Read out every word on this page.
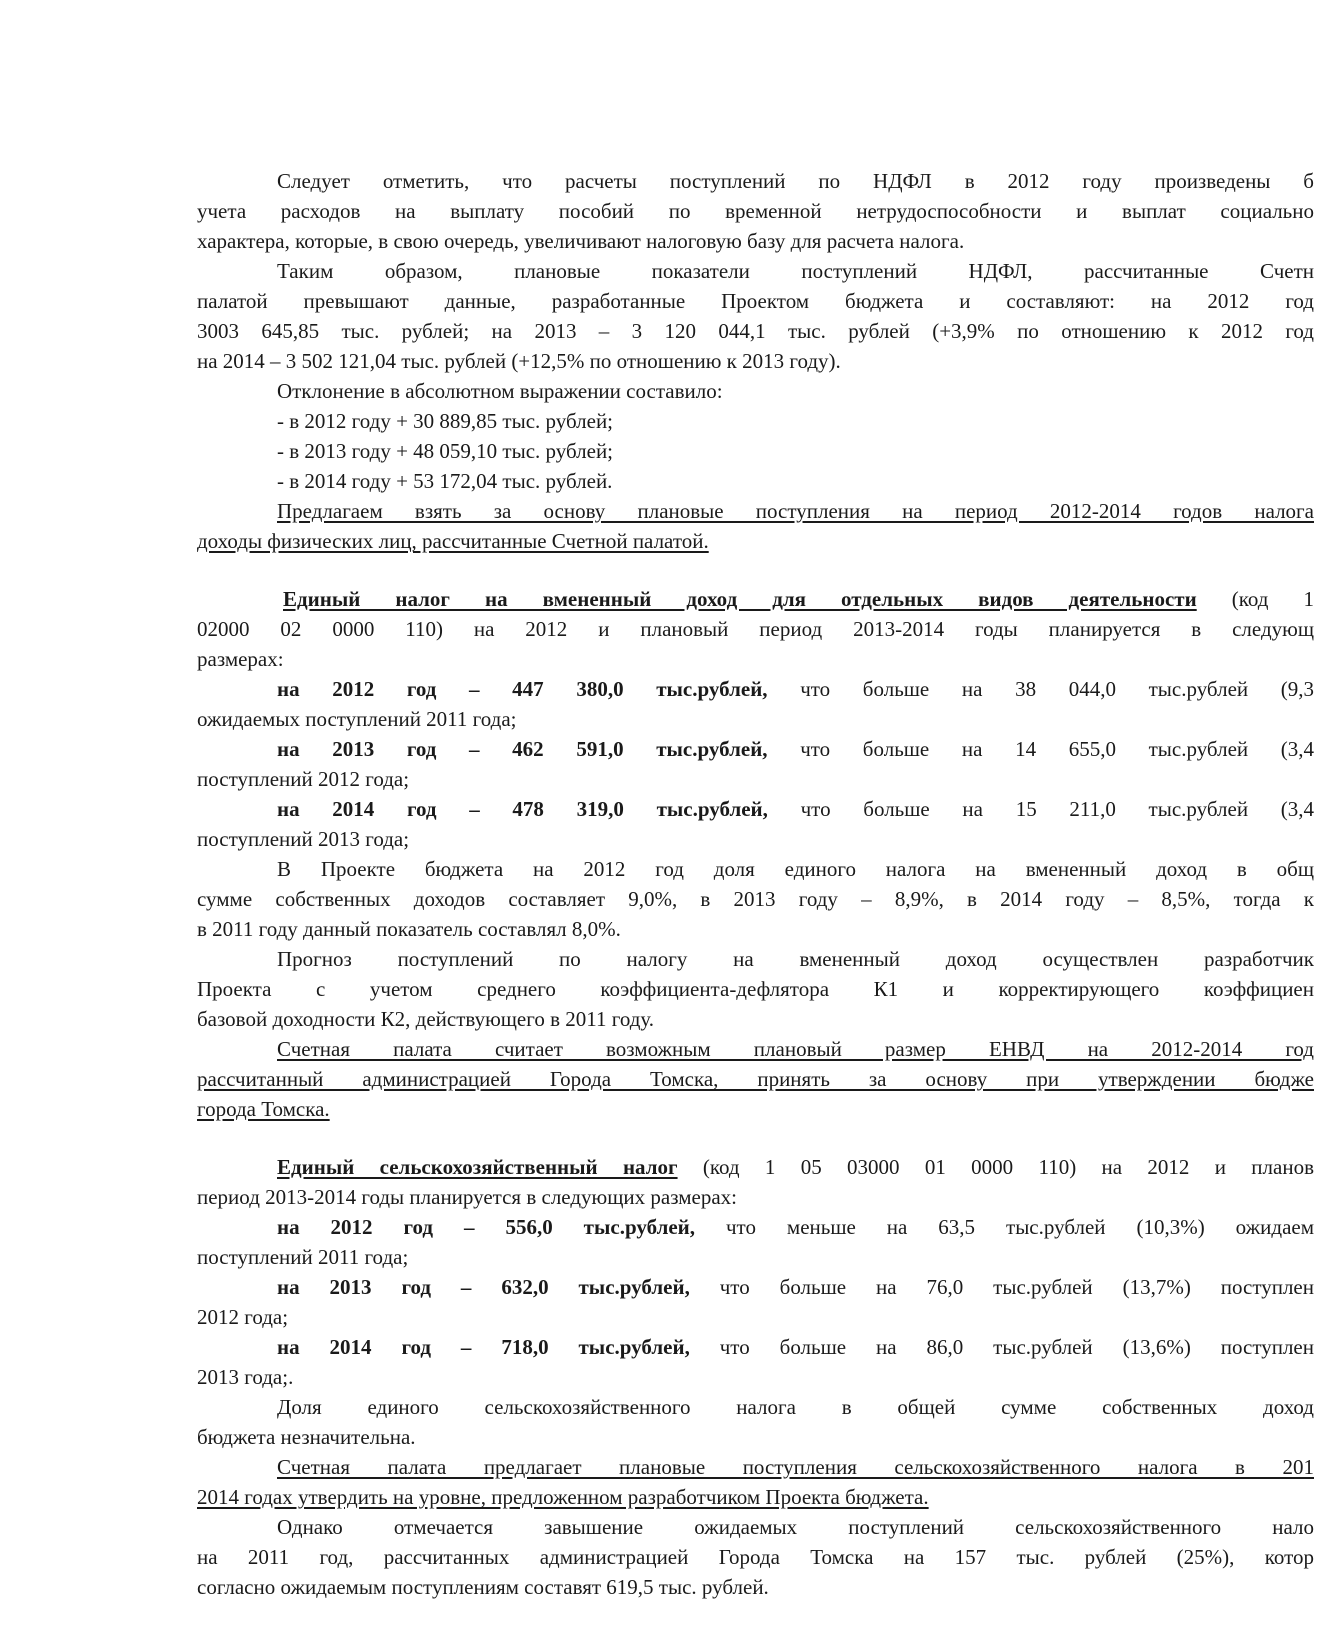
Следует отметить, что расчеты поступлений по НДФЛ в 2012 году произведены б
учета расходов на выплату пособий по временной нетрудоспособности и выплат социально
характера, которые, в свою очередь, увеличивают налоговую базу для расчета налога.
Таким образом, плановые показатели поступлений НДФЛ, рассчитанные Счетн
палатой превышают данные, разработанные Проектом бюджета и составляют: на 2012 год
3003 645,85 тыс. рублей; на 2013 – 3 120 044,1 тыс. рублей (+3,9% по отношению к 2012 год
на 2014 – 3 502 121,04 тыс. рублей (+12,5% по отношению к 2013 году).
Отклонение в абсолютном выражении составило:
- в 2012 году + 30 889,85 тыс. рублей;
- в 2013 году + 48 059,10 тыс. рублей;
- в 2014 году + 53 172,04 тыс. рублей.
Предлагаем взять за основу плановые поступления на период 2012-2014 годов налога
доходы физических лиц, рассчитанные Счетной палатой.
Единый налог на вмененный доход для отдельных видов деятельности (код 1
02000 02 0000 110) на 2012 и плановый период 2013-2014 годы планируется в следующ
размерах:
на 2012 год – 447 380,0 тыс.рублей, что больше на 38 044,0 тыс.рублей (9,3
ожидаемых поступлений 2011 года;
на 2013 год – 462 591,0 тыс.рублей, что больше на 14 655,0 тыс.рублей (3,4
поступлений 2012 года;
на 2014 год – 478 319,0 тыс.рублей, что больше на 15 211,0 тыс.рублей (3,4
поступлений 2013 года;
В Проекте бюджета на 2012 год доля единого налога на вмененный доход в общ
сумме собственных доходов составляет 9,0%, в 2013 году – 8,9%, в 2014 году – 8,5%, тогда к
в 2011 году данный показатель составлял 8,0%.
Прогноз поступлений по налогу на вмененный доход осуществлен разработчик
Проекта с учетом среднего коэффициента-дефлятора К1 и корректирующего коэффициен
базовой доходности К2, действующего в 2011 году.
Счетная палата считает возможным плановый размер ЕНВД на 2012-2014 год
рассчитанный администрацией Города Томска, принять за основу при утверждении бюдже
города Томска.
Единый сельскохозяйственный налог (код 1 05 03000 01 0000 110) на 2012 и планов
период 2013-2014 годы планируется в следующих размерах:
на 2012 год – 556,0 тыс.рублей, что меньше на 63,5 тыс.рублей (10,3%) ожидаем
поступлений 2011 года;
на 2013 год – 632,0 тыс.рублей, что больше на 76,0 тыс.рублей (13,7%) поступлен
2012 года;
на 2014 год – 718,0 тыс.рублей, что больше на 86,0 тыс.рублей (13,6%) поступлен
2013 года;.
Доля единого сельскохозяйственного налога в общей сумме собственных доход
бюджета незначительна.
Счетная палата предлагает плановые поступления сельскохозяйственного налога в 201
2014 годах утвердить на уровне, предложенном разработчиком Проекта бюджета.
Однако отмечается завышение ожидаемых поступлений сельскохозяйственного нало
на 2011 год, рассчитанных администрацией Города Томска на 157 тыс. рублей (25%), котор
согласно ожидаемым поступлениям составят 619,5 тыс. рублей.
